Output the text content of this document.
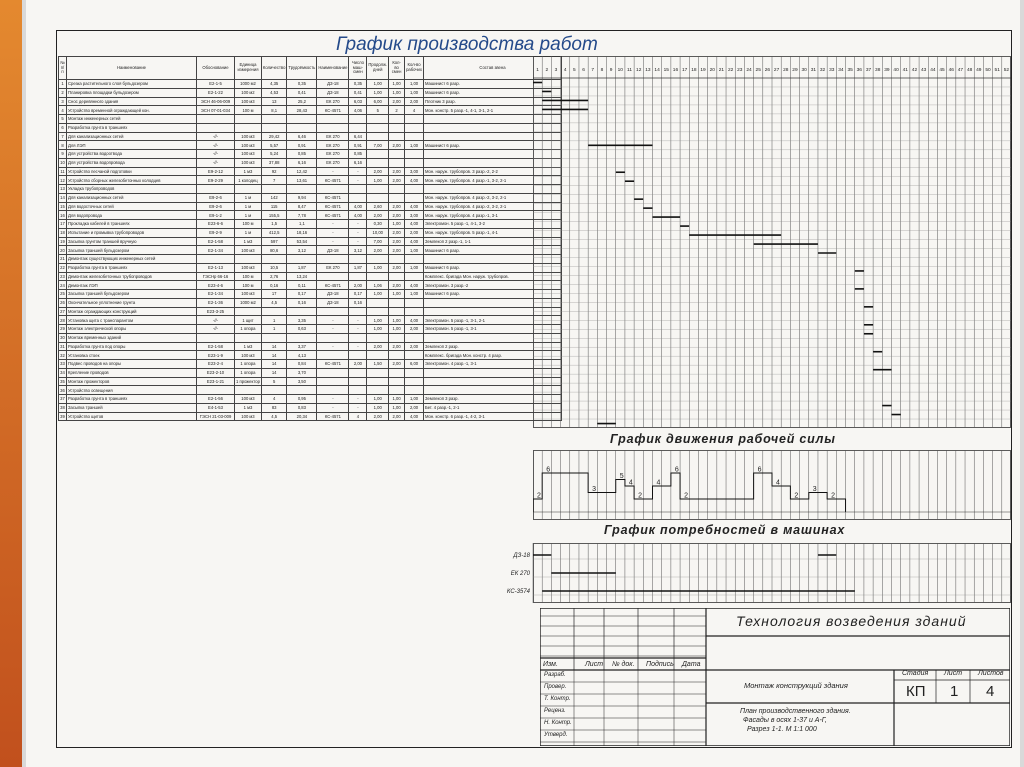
График производства работ
№ п/п	Наименование	Обоснование	Единица измерения	Количество	Трудоёмкость	Наименование	Число маш-смен	Продолж. дней	Кол-во смен	Кол-во рабочих	Состав звена
1	Срезка растительного слоя бульдозером	Е2-1-5	1000 м2	4,35	0,35	ДЗ-18	0,35	1,00	1,00	1,00	Машинист 6 разр.
2	Планировка площадки бульдозером	Е2-1-22	100 м2	4,53	0,41	ДЗ-18	0,41	1,00	1,00	1,00	Машинист 6 разр.
3	Снос деревянного здания	ЭСН 46-06-009	100 м3	13	25,2	ЕК 270	6,03	6,00	2,00	2,00	Плотник 3 разр.
4	Устройство временной ограждающей кон.	ЭСН 07-01-034	100 м	8,1	28,43	КС-4571	4,06	5	2	4	Мон. констр. 5 разр.-1, 4-1, 3-1, 2-1
5	Монтаж инженерных сетей										
6	Разработка грунта в траншеях										
7	Для канализационных сетей	-//-	100 м3	29,42	6,46	ЕК 270	6,44				
8	Для ЛЭП	-//-	100 м3	5,57	0,91	ЕК 270	0,91	7,00	2,00	1,00	Машинист 6 разр.
9	Для устройства водоотвода	-//-	100 м3	5,24	0,85	ЕК 270	0,85				
10	Для устройства водопровода	-//-	100 м3	37,88	6,16	ЕК 270	6,16				
11	Устройство песчаной подготовки	Е9-2-12	1 м3	92	12,42	-	-	2,00	2,00	3,00	Мон. наруж. трубопров. 3 разр.-2, 2-2
12	Устройство сборных железобетонных колодцев	Е9-2-29	1 колодец	7	13,61	КС-4571	-	1,00	2,00	4,00	Мон. наруж. трубопров. 4 разр.-1, 3-2, 2-1
13	Укладка трубопроводов										
14	Для канализационных сетей	Е9-2-6	1 м	142	9,94	КС-4571					Мон. наруж. трубопров. 4 разр.-2, 3-2, 2-1
15	Для водосточных сетей	Е9-2-6	1 м	115	8,47	КС-4571	4,00	2,60	2,00	4,00	Мон. наруж. трубопров. 4 разр.-2, 3-2, 2-1
16	Для водопровода	Е9-1-2	1 м	155,5	7,78	КС-4571	4,00	2,00	2,00	3,00	Мон. наруж. трубопров. 4 разр.-1, 3-1
17	Прокладка кабелей в траншеях	Е23-6-6	100 м	1,5	1,1	-	-	0,30	1,00	4,00	Электромон. 5 разр.-1, 4-1, 3-2
18	Испытание и промывка трубопроводов	Е9-2-9	1 м	412,5	18,16	-	-	10,00	2,00	2,00	Мон. наруж. трубопров. 5 разр.-1, 4-1
19	Засыпка грунтом траншей вручную	Е2-1-58	1 м3	597	53,54	-	-	7,00	2,00	4,00	Землекоп 2 разр.-1, 1-1
20	Засыпка траншей бульдозером	Е2-1-34	100 м3	80,6	3,12	ДЗ-18	3,12	2,00	2,00	1,00	Машинист 6 разр.
21	Демонтаж существующих инженерных сетей										
22	Разработка грунта в траншеях	Е2-1-13	100 м3	10,5	1,87	ЕК 270	1,87	1,00	2,00	1,00	Машинист 6 разр.
23	Демонтаж железобетонных трубопроводов	ГЭСНр 66-16	100 м	2,76	13,24						Комплекс. бригада Мон. наруж. трубопров.
24	Демонтаж ЛЭП	Е23-4-6	100 м	0,16	0,11	КС-4571	2,00	1,06	2,00	4,00	Электромон. 3 разр.-2
25	Засыпка траншей бульдозером	Е2-1-34	100 м3	17	0,17	ДЗ-18	0,17	1,00	1,00	1,00	Машинист 6 разр.
26	Окончательное уплотнение грунта	Е2-1-36	1000 м2	4,5	0,16	ДЗ-18	0,16				
27	Монтаж ограждающих конструкций	Е23-3-25									
28	Установка щита с транспарантом	-//-	1 щит	1	3,35	-	-	1,00	1,00	4,00	Электромон. 5 разр.-1, 3-1, 2-1
29	Монтаж электрической опоры	-//-	1 опора	1	0,63	-	-	1,00	1,00	2,00	Электромон. 5 разр.-1, 3-1
30	Монтаж временных зданий										
31	Разработка грунта под опоры	Е2-1-58	1 м3	14	3,37	-	-	2,00	2,00	2,00	Землекоп 2 разр.
32	Установка стоек	Е23-1-9	100 м3	14	4,13						Комплекс. бригада Мон. констр. 4 разр.
33	Подвес проводов на опоры	Е23-2-4	1 опора	14	0,84	КС-4571	2,00	1,50	2,00	6,00	Электромон. 4 разр.-1, 3-1
34	Крепление проводов	Е23-2-10	1 опора	14	3,70						
35	Монтаж прожекторов	Е23-1-21	1 прожектор	5	3,50						
36	Устройство освещения										
37	Разработка грунта в траншеях	Е2-1-56	100 м3	4	0,95	-	-	1,00	1,00	1,00	Землекоп 3 разр.
38	Засыпка траншей	Е4-1-53	1 м3	83	0,83	-	-	1,00	1,00	2,00	Бет. 4 разр.-1, 2-1
39	Устройство щитов	ГЭСН 21-03-009	100 м3	4,5	20,34	КС-4571	4	2,00	2,00	4,00	Мон. констр. 6 разр.-1, 4-2, 3-1
1 2 3 4 5 6 7 8 9 10 11 12 13 14 15 16 17 18 19 20 21 22 23 24 25 26 27 28 29 30 31 32 33 34 35 36 37 38 39 40 41 42 43 44 45 46 47 48 49 50 51 52
График движения рабочей силы
2
6
3
5
4
2
4
6
2
6
4
2
3
2
График потребностей в машинах
ДЗ-18
ЕК 270
КС-3574
Технология возведения зданий
Изм.	Лист № док. Подпись Дата
Разраб.
Провер.
Т. Контр.
Реценз.
Н. Контр.
Утверд.
Монтаж конструкций здания
План производственного здания.
Фасады в осях 1-37 и А-Г,
Разрез 1-1. М 1:1 000
Стадия Лист Листов
КП 1 4
